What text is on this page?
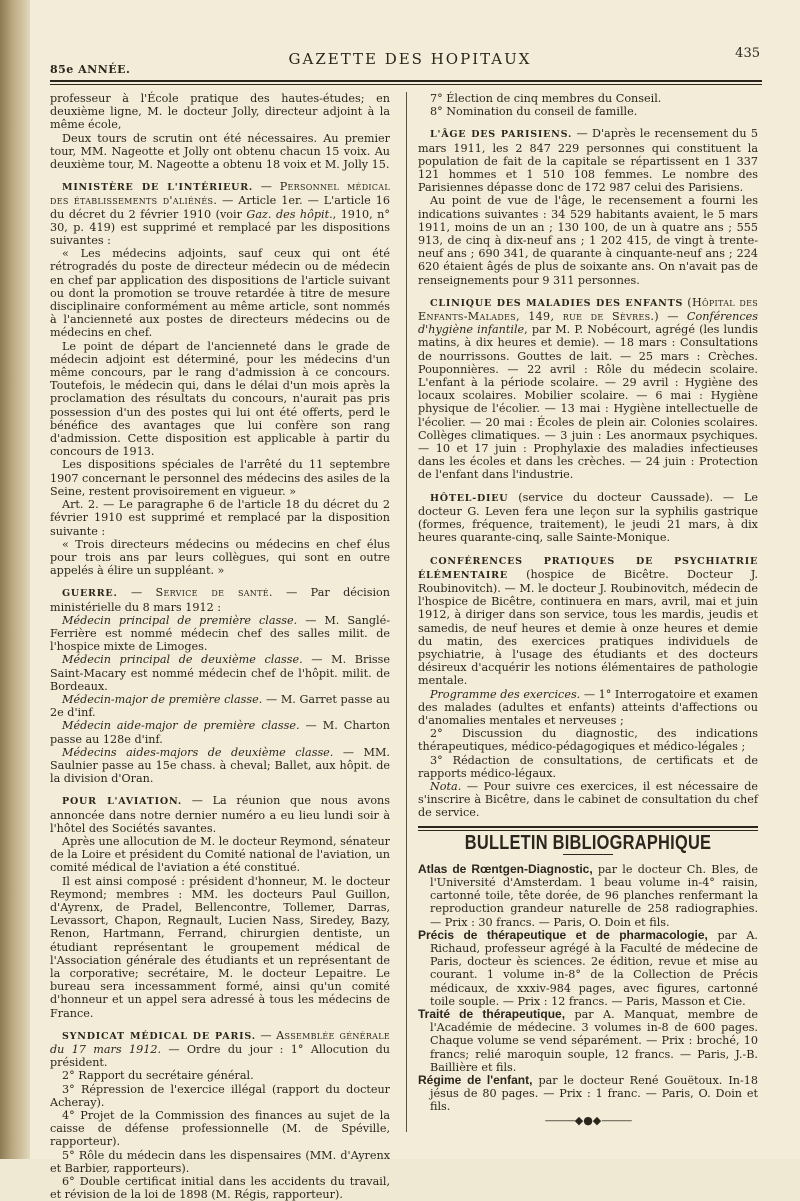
85e ANNÉE.
GAZETTE DES HOPITAUX	435

professeur à l'École pratique des hautes-études; en deuxième ligne, M. le docteur Jolly, directeur adjoint à la même école,

Deux tours de scrutin ont été nécessaires. Au premier tour, MM. Nageotte et Jolly ont obtenu chacun 15 voix. Au deuxième tour, M. Nageotte a obtenu 18 voix et M. Jolly 15.

MINISTÈRE DE L'INTÉRIEUR. — Personnel médical des établissements d'aliénés. — Article 1er. — L'article 16 du décret du 2 février 1910 (voir Gaz. des hôpit., 1910, n° 30, p. 419) est supprimé et remplacé par les dispositions suivantes :

« Les médecins adjoints, sauf ceux qui ont été rétrogradés du poste de directeur médecin ou de médecin en chef par application des dispositions de l'article suivant ou dont la promotion se trouve retardée à titre de mesure disciplinaire conformément au même article, sont nommés à l'ancienneté aux postes de directeurs médecins ou de médecins en chef.

Le point de départ de l'ancienneté dans le grade de médecin adjoint est déterminé, pour les médecins d'un même concours, par le rang d'admission à ce concours. Toutefois, le médecin qui, dans le délai d'un mois après la proclamation des résultats du concours, n'aurait pas pris possession d'un des postes qui lui ont été offerts, perd le bénéfice des avantages que lui confère son rang d'admission. Cette disposition est applicable à partir du concours de 1913.

Les dispositions spéciales de l'arrêté du 11 septembre 1907 concernant le personnel des médecins des asiles de la Seine, restent provisoirement en vigueur. »

Art. 2. — Le paragraphe 6 de l'article 18 du décret du 2 février 1910 est supprimé et remplacé par la disposition suivante :

« Trois directeurs médecins ou médecins en chef élus pour trois ans par leurs collègues, qui sont en outre appelés à élire un suppléant. »

GUERRE. — Service de santé. — Par décision ministérielle du 8 mars 1912 :

Médecin principal de première classe. — M. Sanglé-Ferrière est nommé médecin chef des salles milit. de l'hospice mixte de Limoges.

Médecin principal de deuxième classe. — M. Brisse Saint-Macary est nommé médecin chef de l'hôpit. milit. de Bordeaux.

Médecin-major de première classe. — M. Garret passe au 2e d'inf.

Médecin aide-major de première classe. — M. Charton passe au 128e d'inf.

Médecins aides-majors de deuxième classe. — MM. Saulnier passe au 15e chass. à cheval; Ballet, aux hôpit. de la division d'Oran.

POUR L'AVIATION. — La réunion que nous avons annoncée dans notre dernier numéro a eu lieu lundi soir à l'hôtel des Sociétés savantes.

Après une allocution de M. le docteur Reymond, sénateur de la Loire et président du Comité national de l'aviation, un comité médical de l'aviation a été constitué.

Il est ainsi composé : président d'honneur, M. le docteur Reymond; membres : MM. les docteurs Paul Guillon, d'Ayrenx, de Pradel, Bellencontre, Tollemer, Darras, Levassort, Chapon, Regnault, Lucien Nass, Siredey, Bazy, Renon, Hartmann, Ferrand, chirurgien dentiste, un étudiant représentant le groupement médical de l'Association générale des étudiants et un représentant de la corporative; secrétaire, M. le docteur Lepaitre. Le bureau sera incessamment formé, ainsi qu'un comité d'honneur et un appel sera adressé à tous les médecins de France.

SYNDICAT MÉDICAL DE PARIS. — Assemblée générale du 17 mars 1912. — Ordre du jour : 1° Allocution du président.

2° Rapport du secrétaire général.

3° Répression de l'exercice illégal (rapport du docteur Acheray).

4° Projet de la Commission des finances au sujet de la caisse de défense professionnelle (M. de Spéville, rapporteur).

5° Rôle du médecin dans les dispensaires (MM. d'Ayrenx et Barbier, rapporteurs).

6° Double certificat initial dans les accidents du travail, et révision de la loi de 1898 (M. Régis, rapporteur).

7° Élection de cinq membres du Conseil.

8° Nomination du conseil de famille.

L'ÂGE DES PARISIENS. — D'après le recensement du 5 mars 1911, les 2 847 229 personnes qui constituent la population de fait de la capitale se répartissent en 1 337 121 hommes et 1 510 108 femmes. Le nombre des Parisiennes dépasse donc de 172 987 celui des Parisiens.

Au point de vue de l'âge, le recensement a fourni les indications suivantes : 34 529 habitants avaient, le 5 mars 1911, moins de un an ; 130 100, de un à quatre ans ; 555 913, de cinq à dix-neuf ans ; 1 202 415, de vingt à trente-neuf ans ; 690 341, de quarante à cinquante-neuf ans ; 224 620 étaient âgés de plus de soixante ans. On n'avait pas de renseignements pour 9 311 personnes.

CLINIQUE DES MALADIES DES ENFANTS (Hôpital des Enfants-Malades, 149, rue de Sèvres.) — Conférences d'hygiène infantile, par M. P. Nobécourt, agrégé (les lundis matins, à dix heures et demie). — 18 mars : Consultations de nourrissons. Gouttes de lait. — 25 mars : Crèches. Pouponnières. — 22 avril : Rôle du médecin scolaire. L'enfant à la période scolaire. — 29 avril : Hygiène des locaux scolaires. Mobilier scolaire. — 6 mai : Hygiène physique de l'écolier. — 13 mai : Hygiène intellectuelle de l'écolier. — 20 mai : Écoles de plein air. Colonies scolaires. Collèges climatiques. — 3 juin : Les anormaux psychiques. — 10 et 17 juin : Prophylaxie des maladies infectieuses dans les écoles et dans les crèches. — 24 juin : Protection de l'enfant dans l'industrie.

HÔTEL-DIEU (service du docteur Caussade). — Le docteur G. Leven fera une leçon sur la syphilis gastrique (formes, fréquence, traitement), le jeudi 21 mars, à dix heures quarante-cinq, salle Sainte-Monique.

CONFÉRENCES PRATIQUES DE PSYCHIATRIE ÉLÉMENTAIRE (hospice de Bicêtre. Docteur J. Roubinovitch). — M. le docteur J. Roubinovitch, médecin de l'hospice de Bicêtre, continuera en mars, avril, mai et juin 1912, à diriger dans son service, tous les mardis, jeudis et samedis, de neuf heures et demie à onze heures et demie du matin, des exercices pratiques individuels de psychiatrie, à l'usage des étudiants et des docteurs désireux d'acquérir les notions élémentaires de pathologie mentale.

Programme des exercices. — 1° Interrogatoire et examen des malades (adultes et enfants) atteints d'affections ou d'anomalies mentales et nerveuses ;

2° Discussion du diagnostic, des indications thérapeutiques, médico-pédagogiques et médico-légales ;

3° Rédaction de consultations, de certificats et de rapports médico-légaux.

Nota. — Pour suivre ces exercices, il est nécessaire de s'inscrire à Bicêtre, dans le cabinet de consultation du chef de service.

BULLETIN BIBLIOGRAPHIQUE

Atlas de Rœntgen-Diagnostic, par le docteur Ch. Bles, de l'Université d'Amsterdam. 1 beau volume in-4° raisin, cartonné toile, tête dorée, de 96 planches renfermant la reproduction grandeur naturelle de 258 radiographies. — Prix : 30 francs. — Paris, O. Doin et fils.

Précis de thérapeutique et de pharmacologie, par A. Richaud, professeur agrégé à la Faculté de médecine de Paris, docteur ès sciences. 2e édition, revue et mise au courant. 1 volume in-8° de la Collection de Précis médicaux, de xxxiv-984 pages, avec figures, cartonné toile souple. — Prix : 12 francs. — Paris, Masson et Cie.

Traité de thérapeutique, par A. Manquat, membre de l'Académie de médecine. 3 volumes in-8 de 600 pages. Chaque volume se vend séparément. — Prix : broché, 10 francs; relié maroquin souple, 12 francs. — Paris, J.-B. Baillière et fils.

Régime de l'enfant, par le docteur René Gouëtoux. In-18 jésus de 80 pages. — Prix : 1 franc. — Paris, O. Doin et fils.

———◆●◆———
